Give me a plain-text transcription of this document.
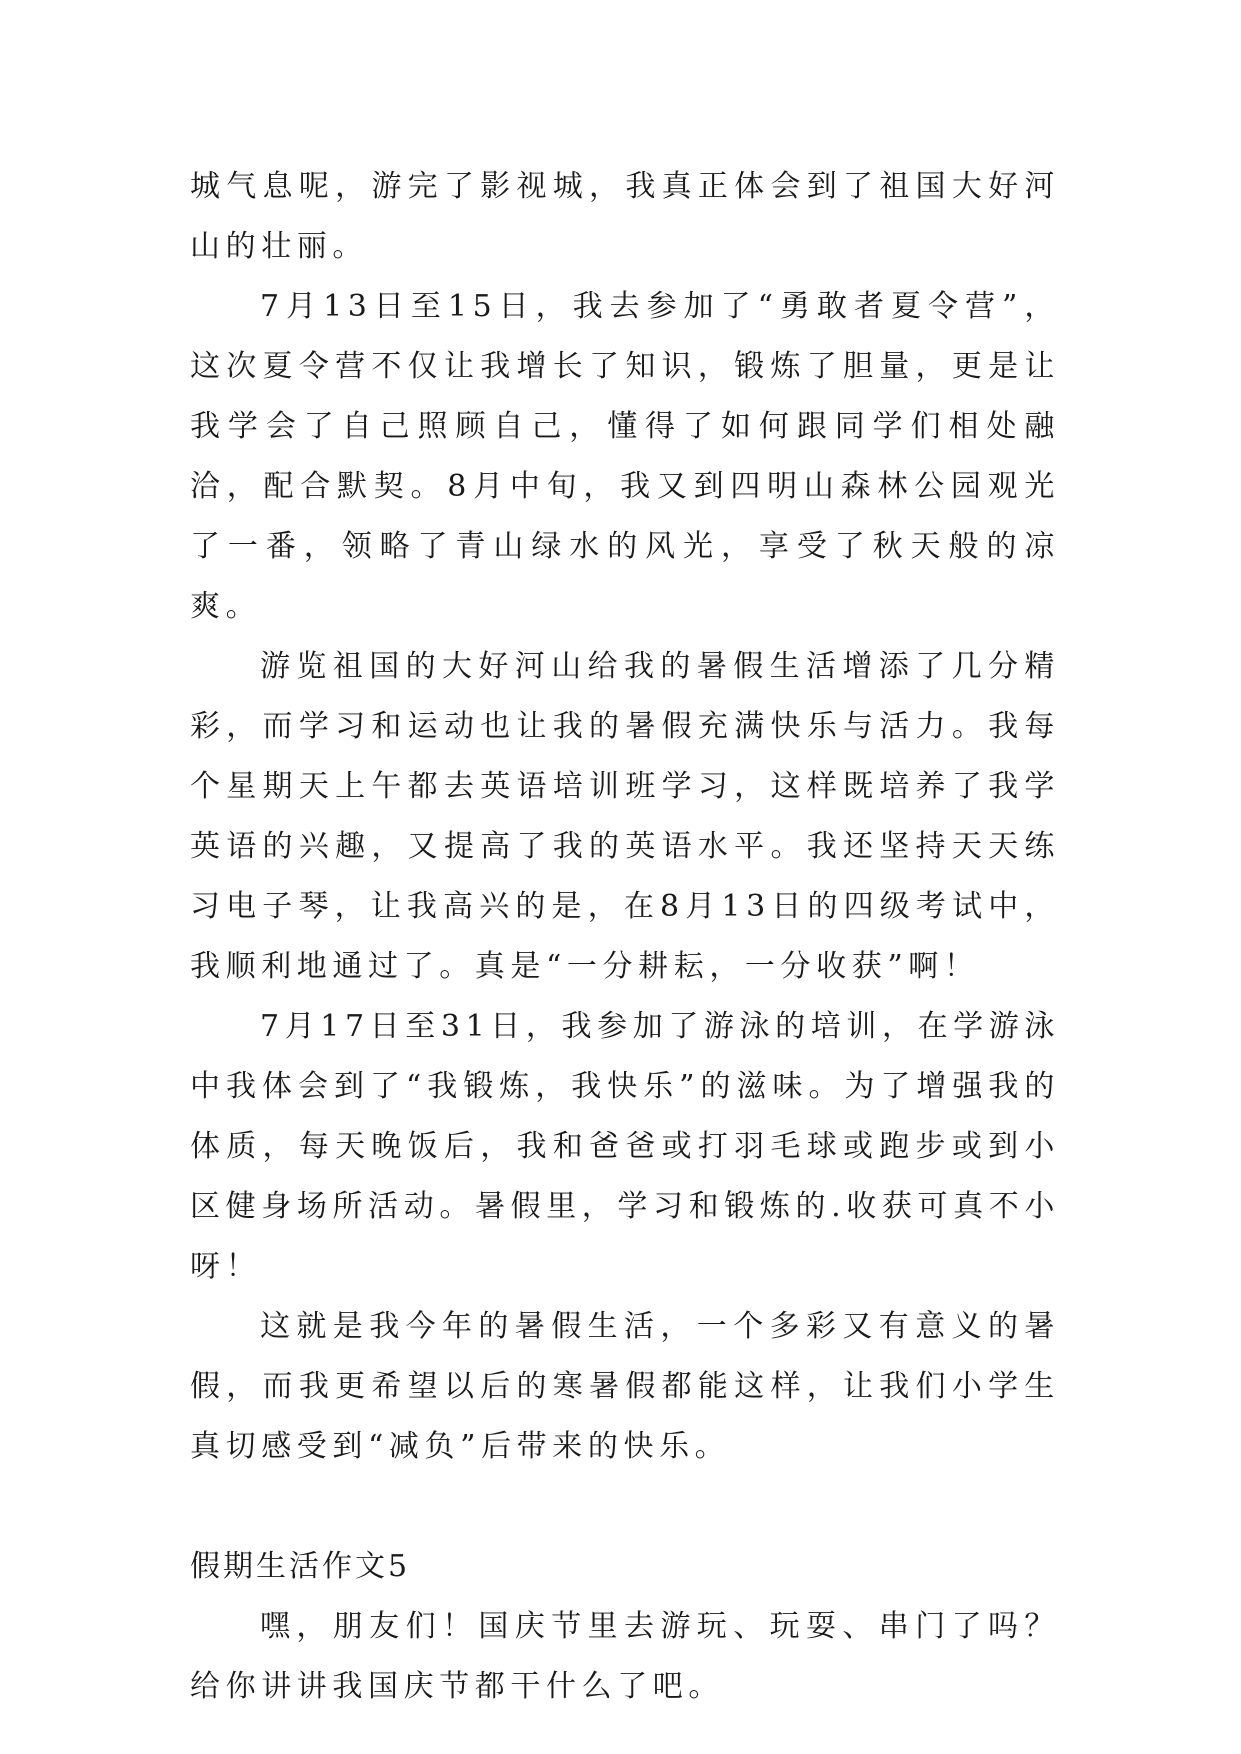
城气息呢，游完了影视城，我真正体会到了祖国大好河山的壮丽。

7月13日至15日，我去参加了“勇敢者夏令营”，这次夏令营不仅让我增长了知识，锻炼了胆量，更是让我学会了自己照顾自己，懂得了如何跟同学们相处融洽，配合默契。8月中旬，我又到四明山森林公园观光了一番，领略了青山绿水的风光，享受了秋天般的凉爽。

游览祖国的大好河山给我的暑假生活增添了几分精彩，而学习和运动也让我的暑假充满快乐与活力。我每个星期天上午都去英语培训班学习，这样既培养了我学英语的兴趣，又提高了我的英语水平。我还坚持天天练习电子琴，让我高兴的是，在8月13日的四级考试中，我顺利地通过了。真是“一分耕耘，一分收获”啊！

7月17日至31日，我参加了游泳的培训，在学游泳中我体会到了“我锻炼，我快乐”的滋味。为了增强我的体质，每天晚饭后，我和爸爸或打羽毛球或跑步或到小区健身场所活动。暑假里，学习和锻炼的.收获可真不小呀！

这就是我今年的暑假生活，一个多彩又有意义的暑假，而我更希望以后的寒暑假都能这样，让我们小学生真切感受到“减负”后带来的快乐。

假期生活作文5

嘿，朋友们！国庆节里去游玩、玩耍、串门了吗？给你讲讲我国庆节都干什么了吧。
